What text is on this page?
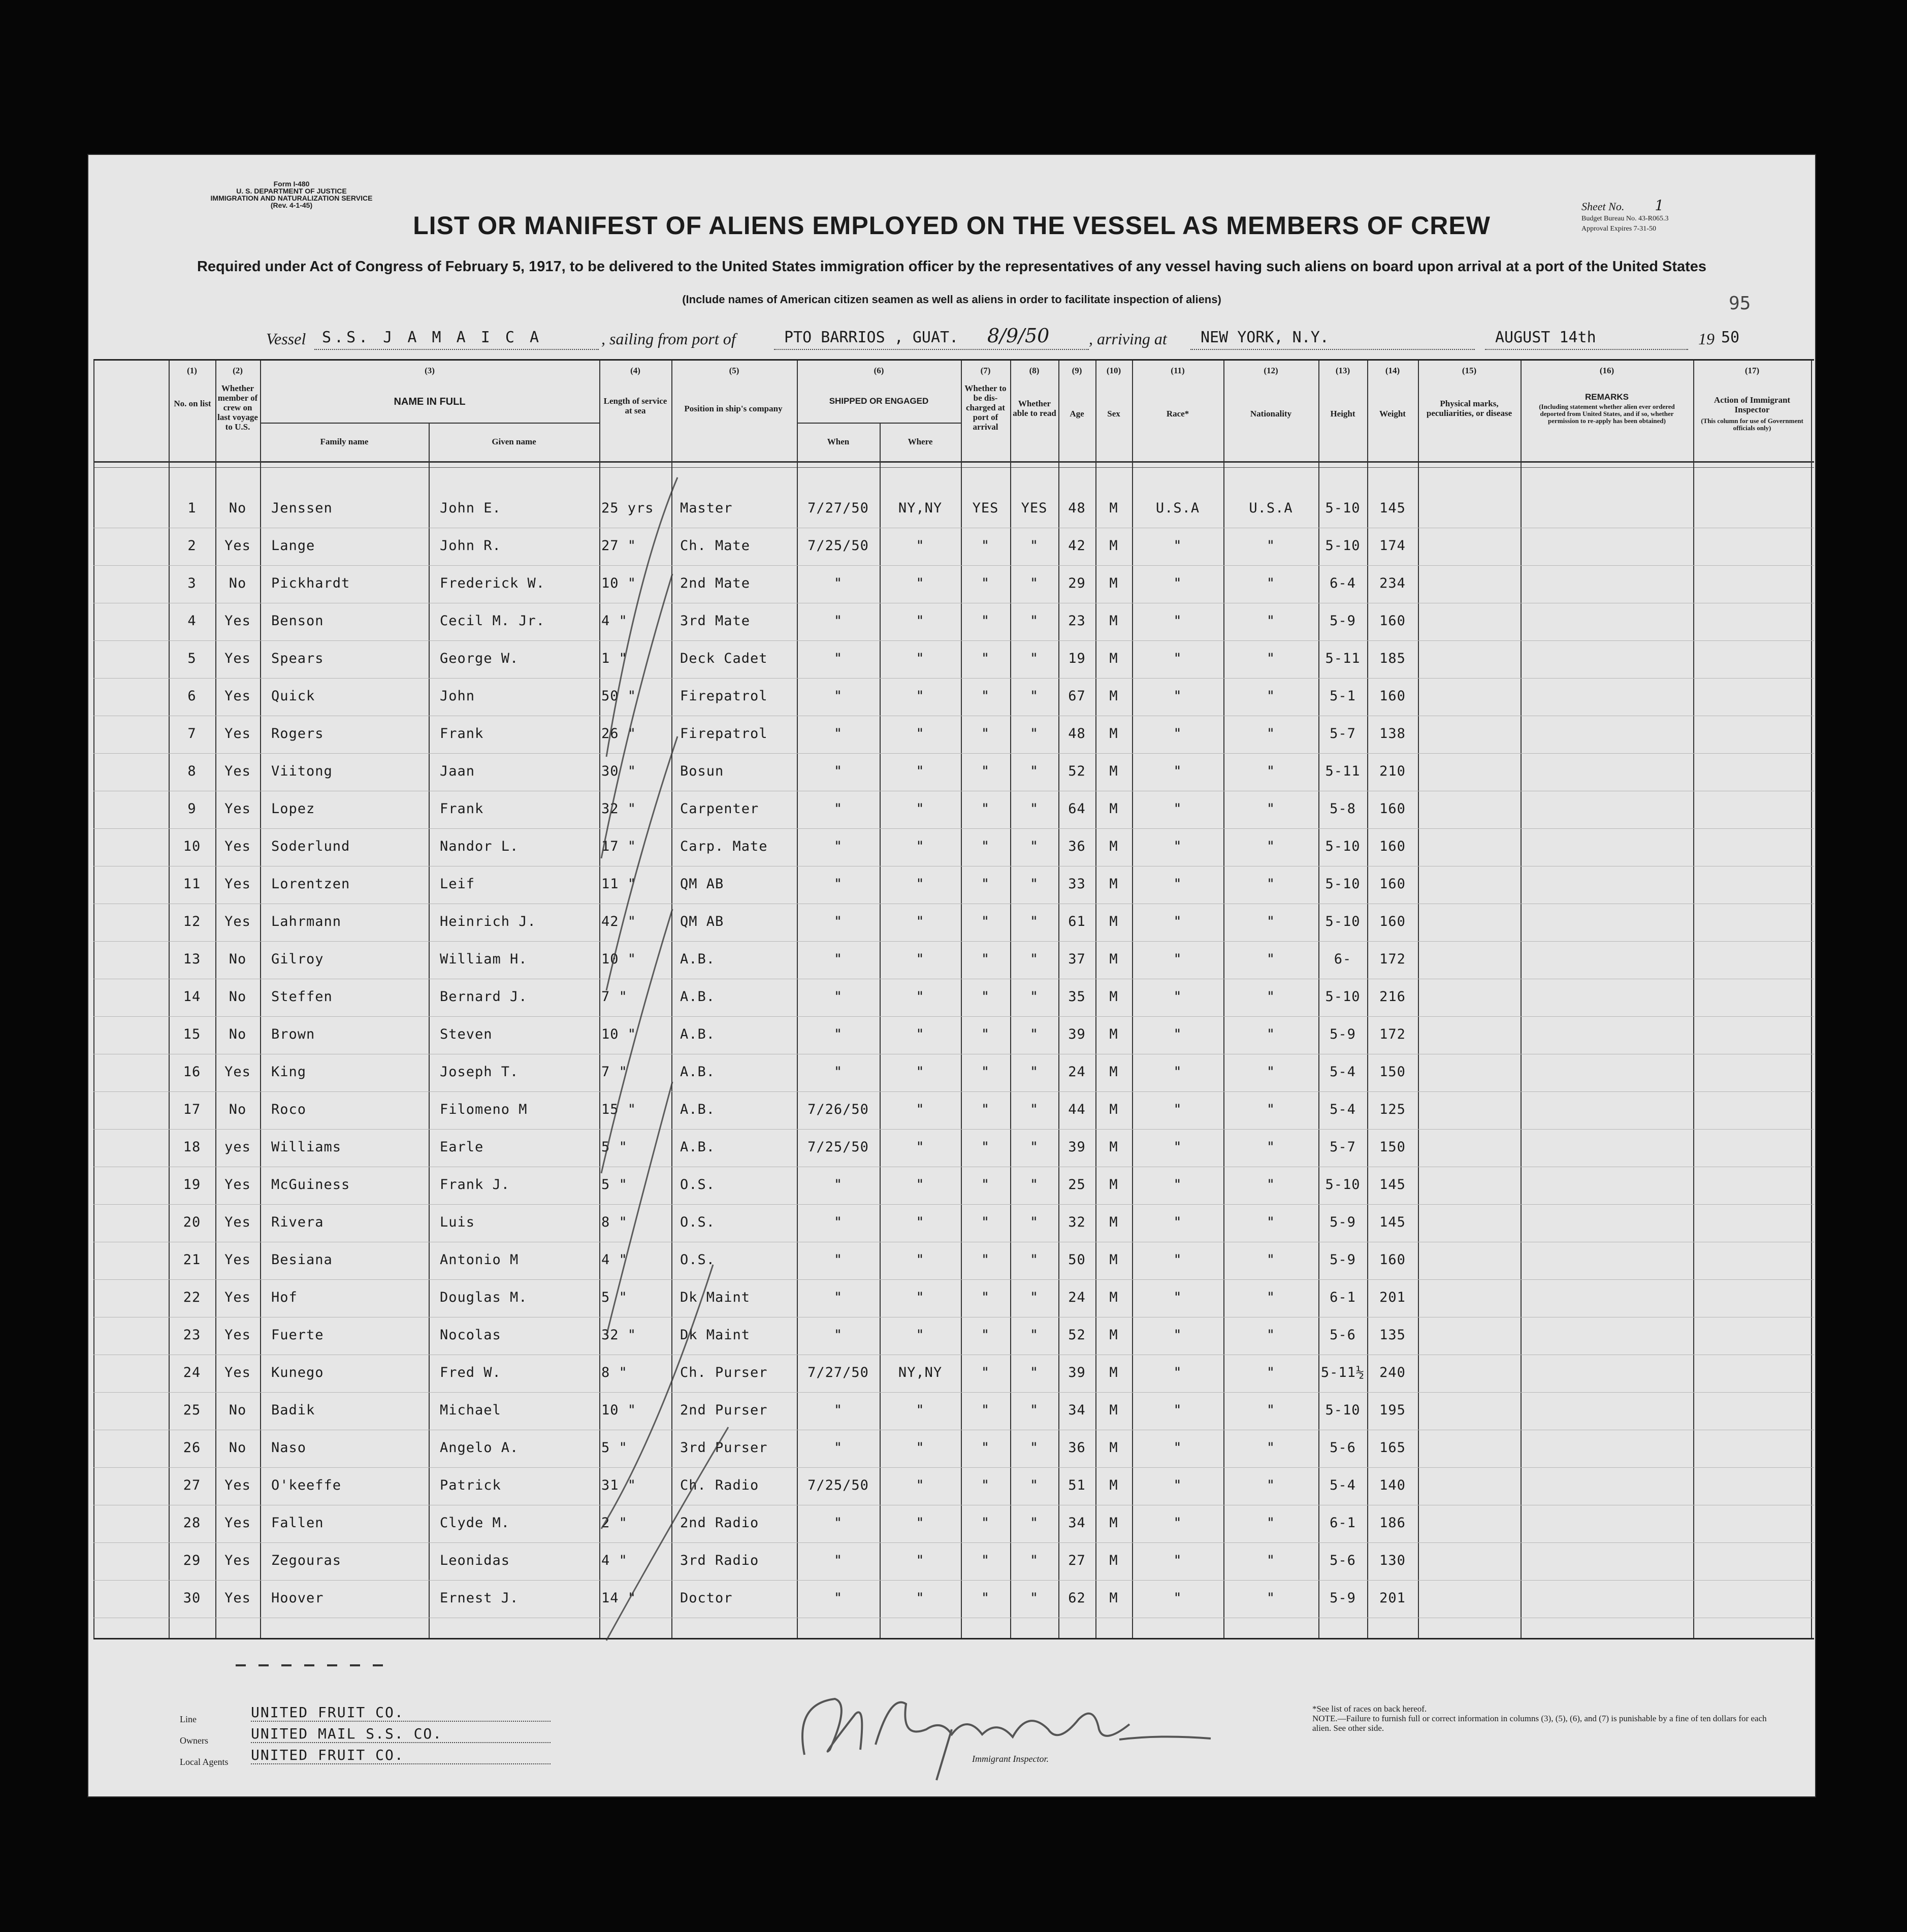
Form I-480
U. S. DEPARTMENT OF JUSTICE
IMMIGRATION AND NATURALIZATION SERVICE
(Rev. 4-1-45)	Sheet No. 1
Budget Bureau No. 43-R065.3
Approval Expires 7-31-50
LIST OR MANIFEST OF ALIENS EMPLOYED ON THE VESSEL AS MEMBERS OF CREW
Required under Act of Congress of February 5, 1917, to be delivered to the United States immigration officer by the representatives of any vessel having such aliens on board upon arrival at a port of the United States
(Include names of American citizen seamen as well as aliens in order to facilitate inspection of aliens)	95
Vessel S.S. J A M A I C A	, sailing from port of	PTO BARRIOS , GUAT. 8/9/50 , arriving at NEW YORK, N.Y.	AUGUST 14th	19 50
(1)	(2)	(3)	(4)	(5)	(6)	(7)	(8)	(9)	(10)	(11)	(12)	(13)	(14)	(15)	(16)	(17)
No. on list
Whether member of crew on last voyage to U.S.
NAME IN FULL
Family name	Given name
Length of service at sea	Position in ship's company
SHIPPED OR ENGAGED
When	Where
Whether to be dis-charged at port of arrival
Whether able to read	Age	Sex	Race*	Nationality	Height	Weight
Physical marks, peculiarities, or disease
REMARKS
(Including statement whether alien ever ordered deported from United States, and if so, whether permission to re-apply has been obtained)
Action of Immigrant Inspector
(This column for use of Government officials only)
1	No	Jenssen	John E.	25 yrs	Master	7/27/50	NY,NY	YES	YES	48	M	U.S.A	U.S.A	5-10	145
2	Yes	Lange	John R.	27 "	Ch. Mate	7/25/50	"	"	"	42	M	"	"	5-10	174
3	No	Pickhardt	Frederick W.	10 "	2nd Mate	"	"	"	"	29	M	"	"	6-4	234
4	Yes	Benson	Cecil M. Jr.	4 "	3rd Mate	"	"	"	"	23	M	"	"	5-9	160
5	Yes	Spears	George W.	1 "	Deck Cadet	"	"	"	"	19	M	"	"	5-11	185
6	Yes	Quick	John	50 "	Firepatrol	"	"	"	"	67	M	"	"	5-1	160
7	Yes	Rogers	Frank	26 "	Firepatrol	"	"	"	"	48	M	"	"	5-7	138
8	Yes	Viitong	Jaan	30 "	Bosun	"	"	"	"	52	M	"	"	5-11	210
9	Yes	Lopez	Frank	32 "	Carpenter	"	"	"	"	64	M	"	"	5-8	160
10	Yes	Soderlund	Nandor L.	17 "	Carp. Mate	"	"	"	"	36	M	"	"	5-10	160
11	Yes	Lorentzen	Leif	11 "	QM AB	"	"	"	"	33	M	"	"	5-10	160
12	Yes	Lahrmann	Heinrich J.	42 "	QM AB	"	"	"	"	61	M	"	"	5-10	160
13	No	Gilroy	William H.	10 "	A.B.	"	"	"	"	37	M	"	"	6-	172
14	No	Steffen	Bernard J.	7 "	A.B.	"	"	"	"	35	M	"	"	5-10	216
15	No	Brown	Steven	10 "	A.B.	"	"	"	"	39	M	"	"	5-9	172
16	Yes	King	Joseph T.	7 "	A.B.	"	"	"	"	24	M	"	"	5-4	150
17	No	Roco	Filomeno M	15 "	A.B.	7/26/50	"	"	"	44	M	"	"	5-4	125
18	yes	Williams	Earle	5 "	A.B.	7/25/50	"	"	"	39	M	"	"	5-7	150
19	Yes	McGuiness	Frank J.	5 "	O.S.	"	"	"	"	25	M	"	"	5-10	145
20	Yes	Rivera	Luis	8 "	O.S.	"	"	"	"	32	M	"	"	5-9	145
21	Yes	Besiana	Antonio M	4 "	O.S.	"	"	"	"	50	M	"	"	5-9	160
22	Yes	Hof	Douglas M.	5 "	Dk Maint	"	"	"	"	24	M	"	"	6-1	201
23	Yes	Fuerte	Nocolas	32 "	Dk Maint	"	"	"	"	52	M	"	"	5-6	135
24	Yes	Kunego	Fred W.	8 "	Ch. Purser	7/27/50	NY,NY	"	"	39	M	"	"	5-11½	240
25	No	Badik	Michael	10 "	2nd Purser	"	"	"	"	34	M	"	"	5-10	195
26	No	Naso	Angelo A.	5 "	3rd Purser	"	"	"	"	36	M	"	"	5-6	165
27	Yes	O'keeffe	Patrick	31 "	Ch. Radio	7/25/50	"	"	"	51	M	"	"	5-4	140
28	Yes	Fallen	Clyde M.	2 "	2nd Radio	"	"	"	"	34	M	"	"	6-1	186
29	Yes	Zegouras	Leonidas	4 "	3rd Radio	"	"	"	"	27	M	"	"	5-6	130
30	Yes	Hoover	Ernest J.	14 "	Doctor	"	"	"	"	62	M	"	"	5-9	201
Line	UNITED FRUIT CO.
Owners	UNITED MAIL S.S. CO.
Local Agents UNITED FRUIT CO.	Immigrant Inspector.
*See list of races on back hereof.
NOTE.—Failure to furnish full or correct information in columns (3), (5), (6), and (7) is punishable by a fine of ten dollars for each alien. See other side.
